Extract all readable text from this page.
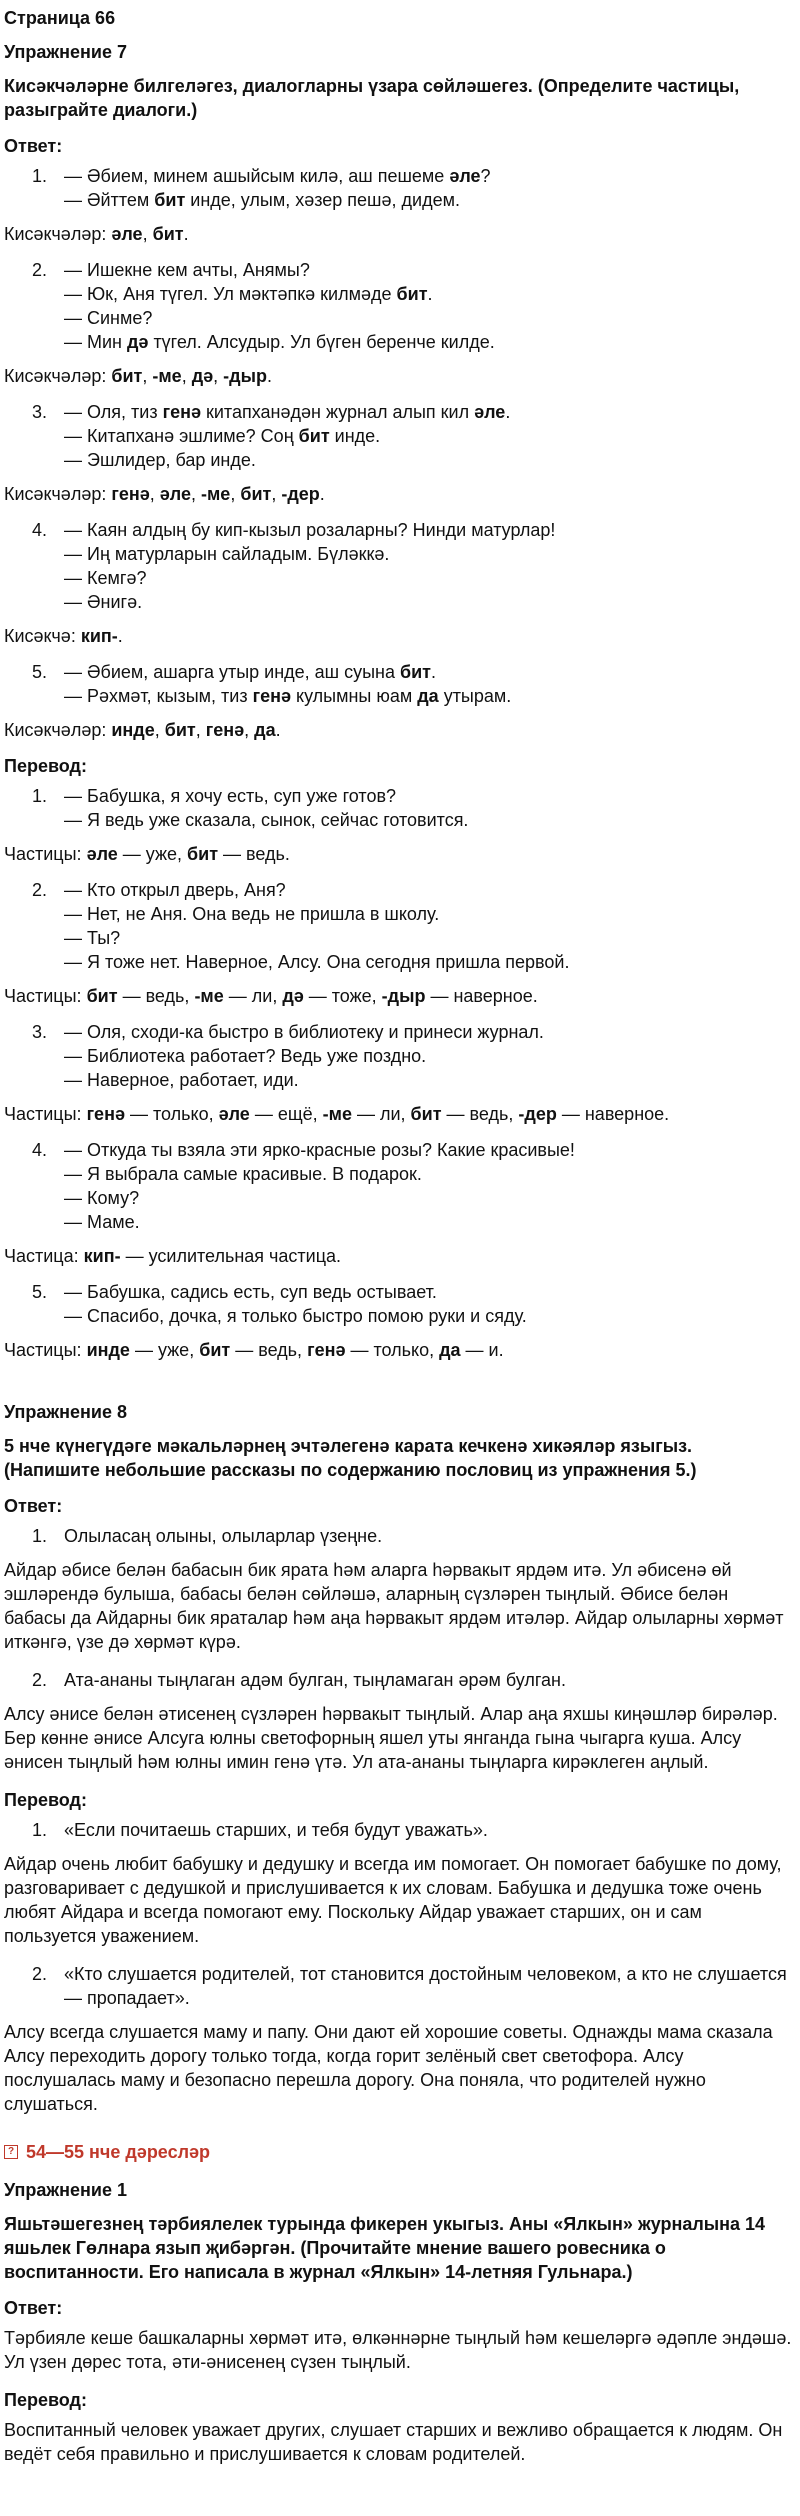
Страница 66
Упражнение 7
Кисәкчәләрне билгеләгез, диалогларны үзара сөйләшегез. (Определите частицы, разыграйте диалоги.)
Ответ:
1. — Әбием, минем ашыйсым килә, аш пешеме әле?
— Әйттем бит инде, улым, хәзер пешә, дидем.
Кисәкчәләр: әле, бит.
2. — Ишекне кем ачты, Анямы?
— Юк, Аня түгел. Ул мәктәпкә килмәде бит.
— Синме?
— Мин дә түгел. Алсудыр. Ул бүген беренче килде.
Кисәкчәләр: бит, -ме, дә, -дыр.
3. — Оля, тиз генә китапханәдән журнал алып кил әле.
— Китапханә эшлиме? Соң бит инде.
— Эшлидер, бар инде.
Кисәкчәләр: генә, әле, -ме, бит, -дер.
4. — Каян алдың бу кип-кызыл розаларны? Нинди матурлар!
— Иң матурларын сайладым. Бүләккә.
— Кемгә?
— Әнигә.
Кисәкчә: кип-.
5. — Әбием, ашарга утыр инде, аш суына бит.
— Рәхмәт, кызым, тиз генә кулымны юам да утырам.
Кисәкчәләр: инде, бит, генә, да.
Перевод:
1. — Бабушка, я хочу есть, суп уже готов?
— Я ведь уже сказала, сынок, сейчас готовится.
Частицы: әле — уже, бит — ведь.
2. — Кто открыл дверь, Аня?
— Нет, не Аня. Она ведь не пришла в школу.
— Ты?
— Я тоже нет. Наверное, Алсу. Она сегодня пришла первой.
Частицы: бит — ведь, -ме — ли, дә — тоже, -дыр — наверное.
3. — Оля, сходи-ка быстро в библиотеку и принеси журнал.
— Библиотека работает? Ведь уже поздно.
— Наверное, работает, иди.
Частицы: генә — только, әле — ещё, -ме — ли, бит — ведь, -дер — наверное.
4. — Откуда ты взяла эти ярко-красные розы? Какие красивые!
— Я выбрала самые красивые. В подарок.
— Кому?
— Маме.
Частица: кип- — усилительная частица.
5. — Бабушка, садись есть, суп ведь остывает.
— Спасибо, дочка, я только быстро помою руки и сяду.
Частицы: инде — уже, бит — ведь, генә — только, да — и.
Упражнение 8
5 нче күнегүдәге мәкальләрнең эчтәлегенә карата кечкенә хикәяләр языгыз. (Напишите небольшие рассказы по содержанию пословиц из упражнения 5.)
Ответ:
1. Олыласаң олыны, олыларлар үзеңне.
Айдар әбисе белән бабасын бик ярата һәм аларга һәрвакыт ярдәм итә. Ул әбисенә өй эшләрендә булыша, бабасы белән сөйләшә, аларның сүзләрен тыңлый. Әбисе белән бабасы да Айдарны бик яраталар һәм аңа һәрвакыт ярдәм итәләр. Айдар олыларны хөрмәт иткәнгә, үзе дә хөрмәт күрә.
2. Ата-ананы тыңлаган адәм булган, тыңламаган әрәм булган.
Алсу әнисе белән әтисенең сүзләрен һәрвакыт тыңлый. Алар аңа яхшы киңәшләр бирәләр. Бер көнне әнисе Алсуга юлны светофорның яшел уты янганда гына чыгарга куша. Алсу әнисен тыңлый һәм юлны имин генә үтә. Ул ата-ананы тыңларга кирәклеген аңлый.
Перевод:
1. «Если почитаешь старших, и тебя будут уважать».
Айдар очень любит бабушку и дедушку и всегда им помогает. Он помогает бабушке по дому, разговаривает с дедушкой и прислушивается к их словам. Бабушка и дедушка тоже очень любят Айдара и всегда помогают ему. Поскольку Айдар уважает старших, он и сам пользуется уважением.
2. «Кто слушается родителей, тот становится достойным человеком, а кто не слушается — пропадает».
Алсу всегда слушается маму и папу. Они дают ей хорошие советы. Однажды мама сказала Алсу переходить дорогу только тогда, когда горит зелёный свет светофора. Алсу послушалась маму и безопасно перешла дорогу. Она поняла, что родителей нужно слушаться.
? 54—55 нче дәресләр
Упражнение 1
Яшьтәшегезнең тәрбиялелек турында фикерен укыгыз. Аны «Ялкын» журналына 14 яшьлек Гөлнара язып җибәргән. (Прочитайте мнение вашего ровесника о воспитанности. Его написала в журнал «Ялкын» 14-летняя Гульнара.)
Ответ:
Тәрбияле кеше башкаларны хөрмәт итә, өлкәннәрне тыңлый һәм кешеләргә әдәпле эндәшә. Ул үзен дөрес тота, әти-әнисенең сүзен тыңлый.
Перевод:
Воспитанный человек уважает других, слушает старших и вежливо обращается к людям. Он ведёт себя правильно и прислушивается к словам родителей.
